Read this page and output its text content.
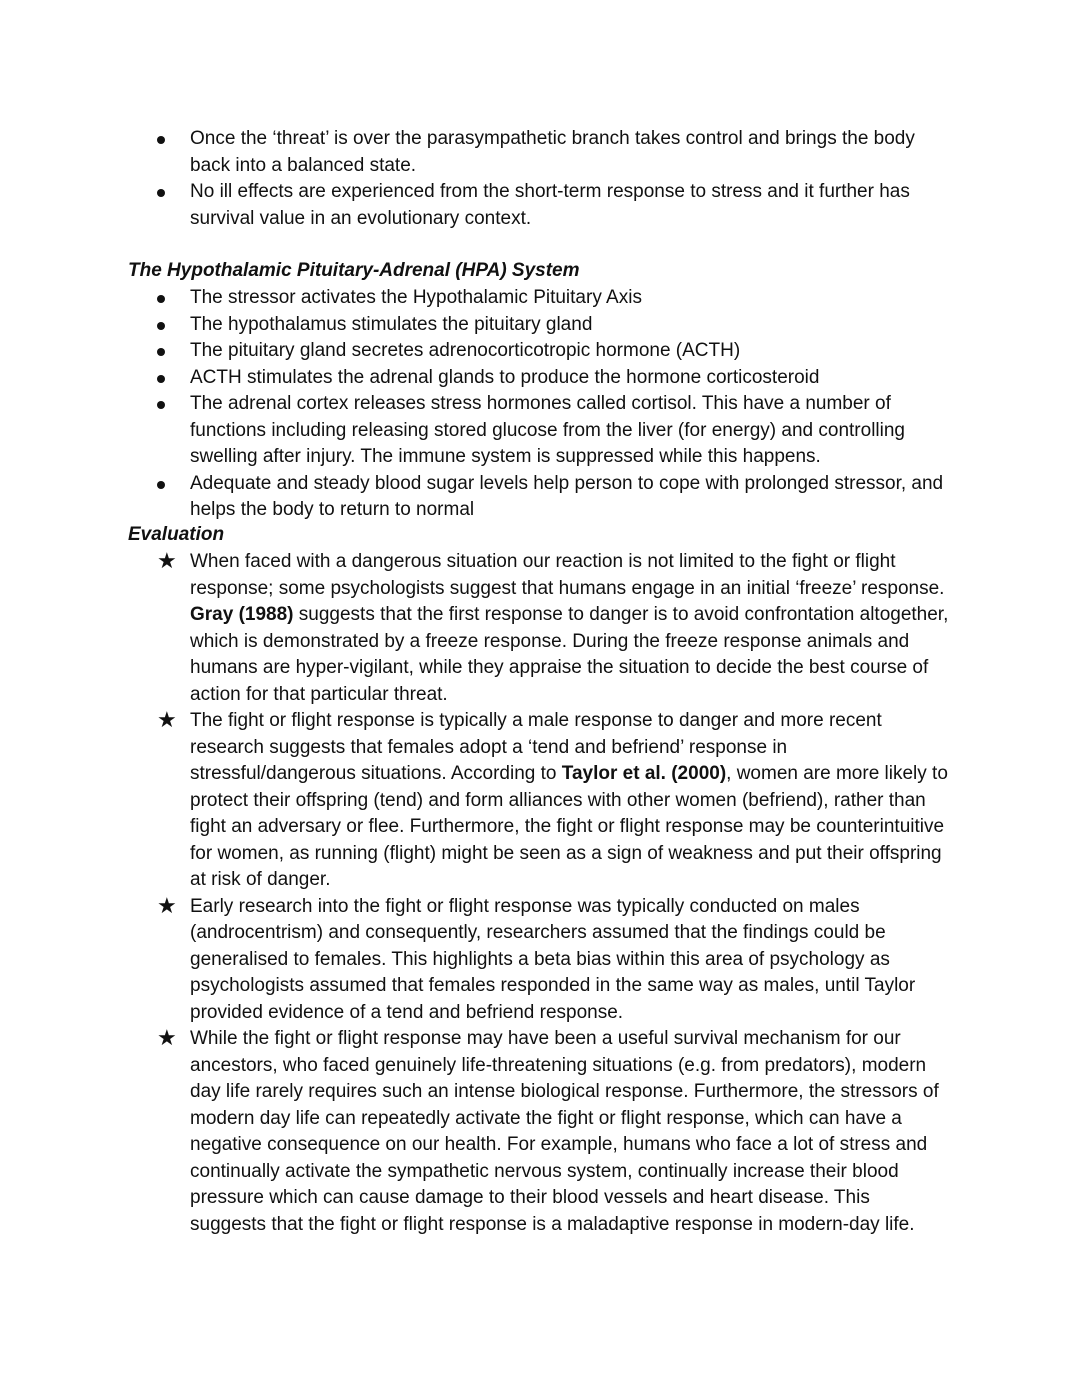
Once the ‘threat’ is over the parasympathetic branch takes control and brings the body back into a balanced state.
No ill effects are experienced from the short-term response to stress and it further has survival value in an evolutionary context.
The Hypothalamic Pituitary-Adrenal (HPA) System
The stressor activates the Hypothalamic Pituitary Axis
The hypothalamus stimulates the pituitary gland
The pituitary gland secretes adrenocorticotropic hormone (ACTH)
ACTH stimulates the adrenal glands to produce the hormone corticosteroid
The adrenal cortex releases stress hormones called cortisol. This have a number of functions including releasing stored glucose from the liver (for energy) and controlling swelling after injury. The immune system is suppressed while this happens.
Adequate and steady blood sugar levels help person to cope with prolonged stressor, and helps the body to return to normal
Evaluation
★ When faced with a dangerous situation our reaction is not limited to the fight or flight response; some psychologists suggest that humans engage in an initial ‘freeze’ response. Gray (1988) suggests that the first response to danger is to avoid confrontation altogether, which is demonstrated by a freeze response. During the freeze response animals and humans are hyper-vigilant, while they appraise the situation to decide the best course of action for that particular threat.
★ The fight or flight response is typically a male response to danger and more recent research suggests that females adopt a ‘tend and befriend’ response in stressful/dangerous situations. According to Taylor et al. (2000), women are more likely to protect their offspring (tend) and form alliances with other women (befriend), rather than fight an adversary or flee. Furthermore, the fight or flight response may be counterintuitive for women, as running (flight) might be seen as a sign of weakness and put their offspring at risk of danger.
★ Early research into the fight or flight response was typically conducted on males (androcentrism) and consequently, researchers assumed that the findings could be generalised to females. This highlights a beta bias within this area of psychology as psychologists assumed that females responded in the same way as males, until Taylor provided evidence of a tend and befriend response.
★ While the fight or flight response may have been a useful survival mechanism for our ancestors, who faced genuinely life-threatening situations (e.g. from predators), modern day life rarely requires such an intense biological response. Furthermore, the stressors of modern day life can repeatedly activate the fight or flight response, which can have a negative consequence on our health. For example, humans who face a lot of stress and continually activate the sympathetic nervous system, continually increase their blood pressure which can cause damage to their blood vessels and heart disease. This suggests that the fight or flight response is a maladaptive response in modern-day life.
